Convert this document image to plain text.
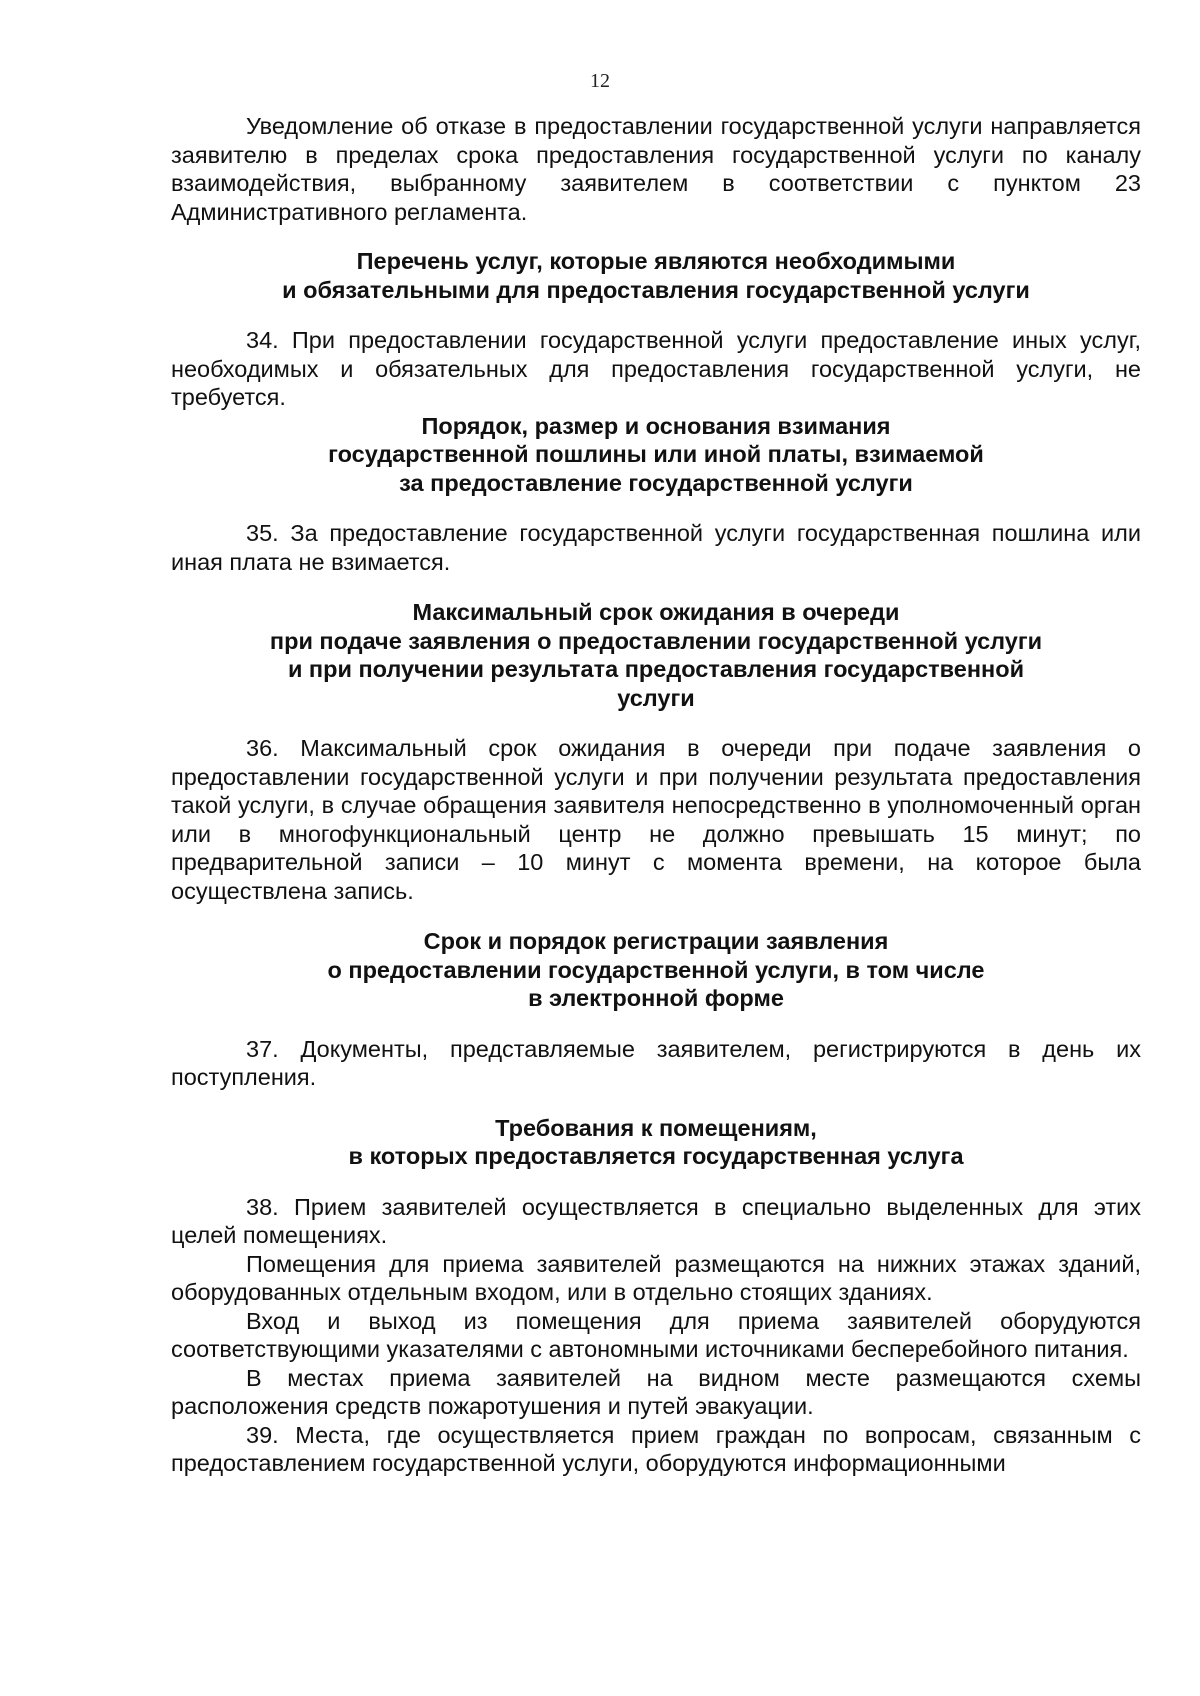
12

Уведомление об отказе в предоставлении государственной услуги направляется заявителю в пределах срока предоставления государственной услуги по каналу взаимодействия, выбранному заявителем в соответствии с пунктом 23 Административного регламента.

Перечень услуг, которые являются необходимыми
и обязательными для предоставления государственной услуги

34. При предоставлении государственной услуги предоставление иных услуг, необходимых и обязательных для предоставления государственной услуги, не требуется.

Порядок, размер и основания взимания
государственной пошлины или иной платы, взимаемой
за предоставление государственной услуги

35. За предоставление государственной услуги государственная пошлина или иная плата не взимается.

Максимальный срок ожидания в очереди
при подаче заявления о предоставлении государственной услуги
и при получении результата предоставления государственной
услуги

36. Максимальный срок ожидания в очереди при подаче заявления о предоставлении государственной услуги и при получении результата предоставления такой услуги, в случае обращения заявителя непосредственно в уполномоченный орган или в многофункциональный центр не должно превышать 15 минут; по предварительной записи – 10 минут с момента времени, на которое была осуществлена запись.

Срок и порядок регистрации заявления
о предоставлении государственной услуги, в том числе
в электронной форме

37. Документы, представляемые заявителем, регистрируются в день их поступления.

Требования к помещениям,
в которых предоставляется государственная услуга

38. Прием заявителей осуществляется в специально выделенных для этих целей помещениях.

Помещения для приема заявителей размещаются на нижних этажах зданий, оборудованных отдельным входом, или в отдельно стоящих зданиях.

Вход и выход из помещения для приема заявителей оборудуются соответствующими указателями с автономными источниками бесперебойного питания.

В местах приема заявителей на видном месте размещаются схемы расположения средств пожаротушения и путей эвакуации.

39. Места, где осуществляется прием граждан по вопросам, связанным с предоставлением государственной услуги, оборудуются информационными
